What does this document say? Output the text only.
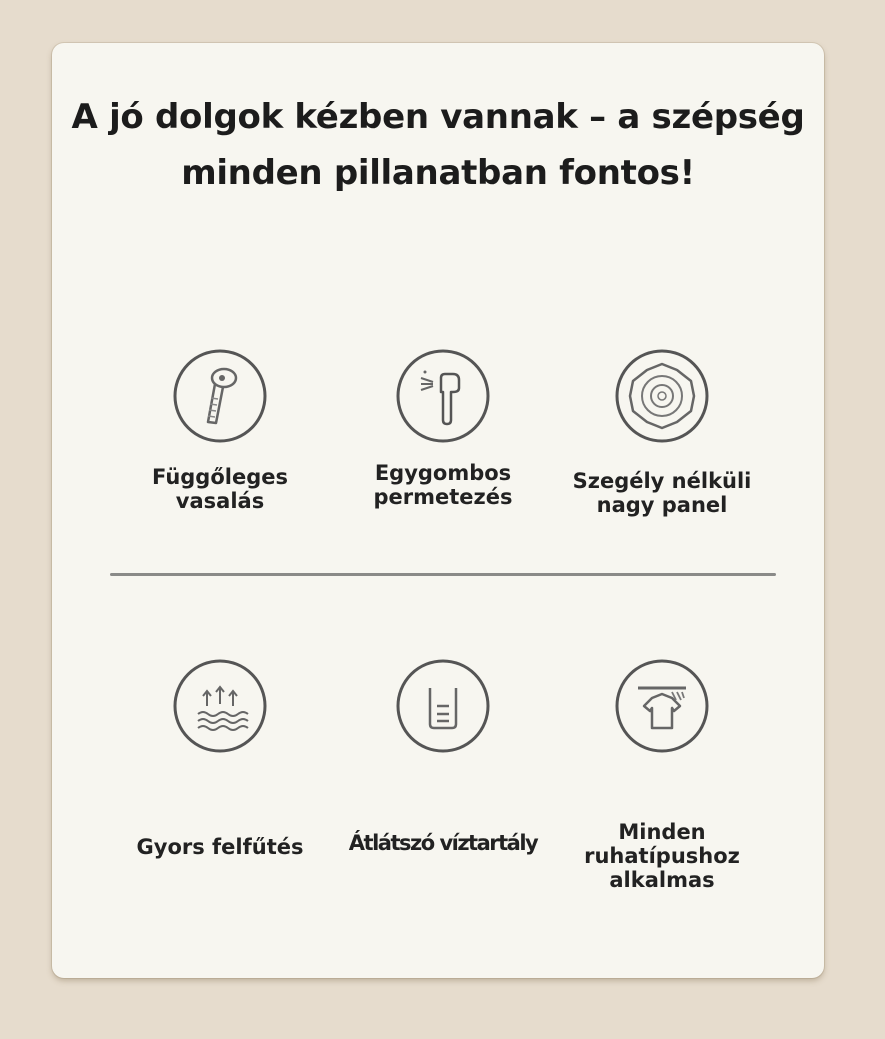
A jó dolgok kézben vannak – a szépség
minden pillanatban fontos!
Függőleges
vasalás
Egygombos
permetezés
Szegély nélküli
nagy panel
Gyors felfűtés	Átlátszó víztartály	Minden
ruhatípushoz
alkalmas
